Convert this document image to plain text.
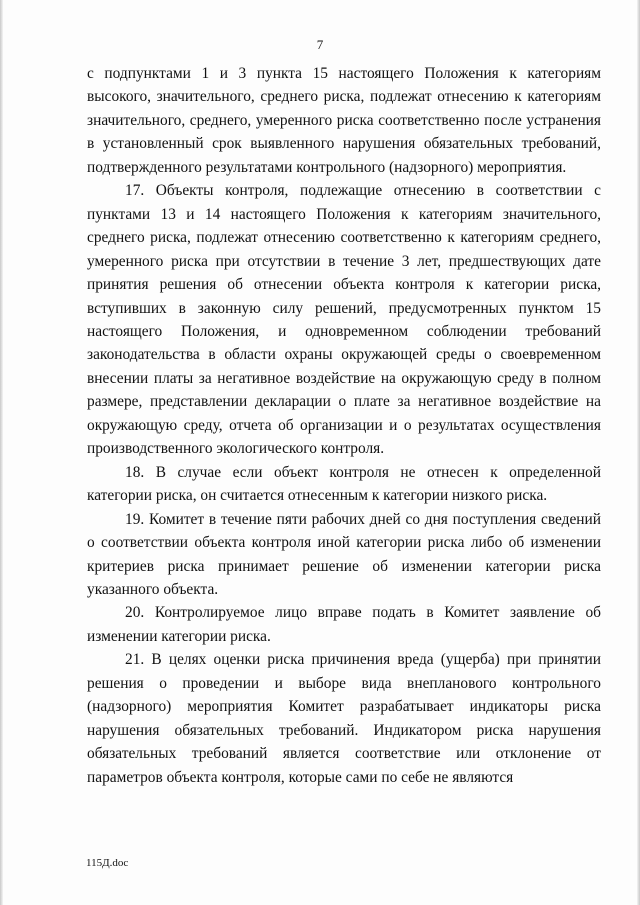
7

с подпунктами 1 и 3 пункта 15 настоящего Положения к категориям высокого, значительного, среднего риска, подлежат отнесению к категориям значительного, среднего, умеренного риска соответственно после устранения в установленный срок выявленного нарушения обязательных требований, подтвержденного результатами контрольного (надзорного) мероприятия.

17. Объекты контроля, подлежащие отнесению в соответствии с пунктами 13 и 14 настоящего Положения к категориям значительного, среднего риска, подлежат отнесению соответственно к категориям среднего, умеренного риска при отсутствии в течение 3 лет, предшествующих дате принятия решения об отнесении объекта контроля к категории риска, вступивших в законную силу решений, предусмотренных пунктом 15 настоящего Положения, и одновременном соблюдении требований законодательства в области охраны окружающей среды о своевременном внесении платы за негативное воздействие на окружающую среду в полном размере, представлении декларации о плате за негативное воздействие на окружающую среду, отчета об организации и о результатах осуществления производственного экологического контроля.

18. В случае если объект контроля не отнесен к определенной категории риска, он считается отнесенным к категории низкого риска.

19. Комитет в течение пяти рабочих дней со дня поступления сведений о соответствии объекта контроля иной категории риска либо об изменении критериев риска принимает решение об изменении категории риска указанного объекта.

20. Контролируемое лицо вправе подать в Комитет заявление об изменении категории риска.

21. В целях оценки риска причинения вреда (ущерба) при принятии решения о проведении и выборе вида внепланового контрольного (надзорного) мероприятия Комитет разрабатывает индикаторы риска нарушения обязательных требований. Индикатором риска нарушения обязательных требований является соответствие или отклонение от параметров объекта контроля, которые сами по себе не являются

115Д.doc
